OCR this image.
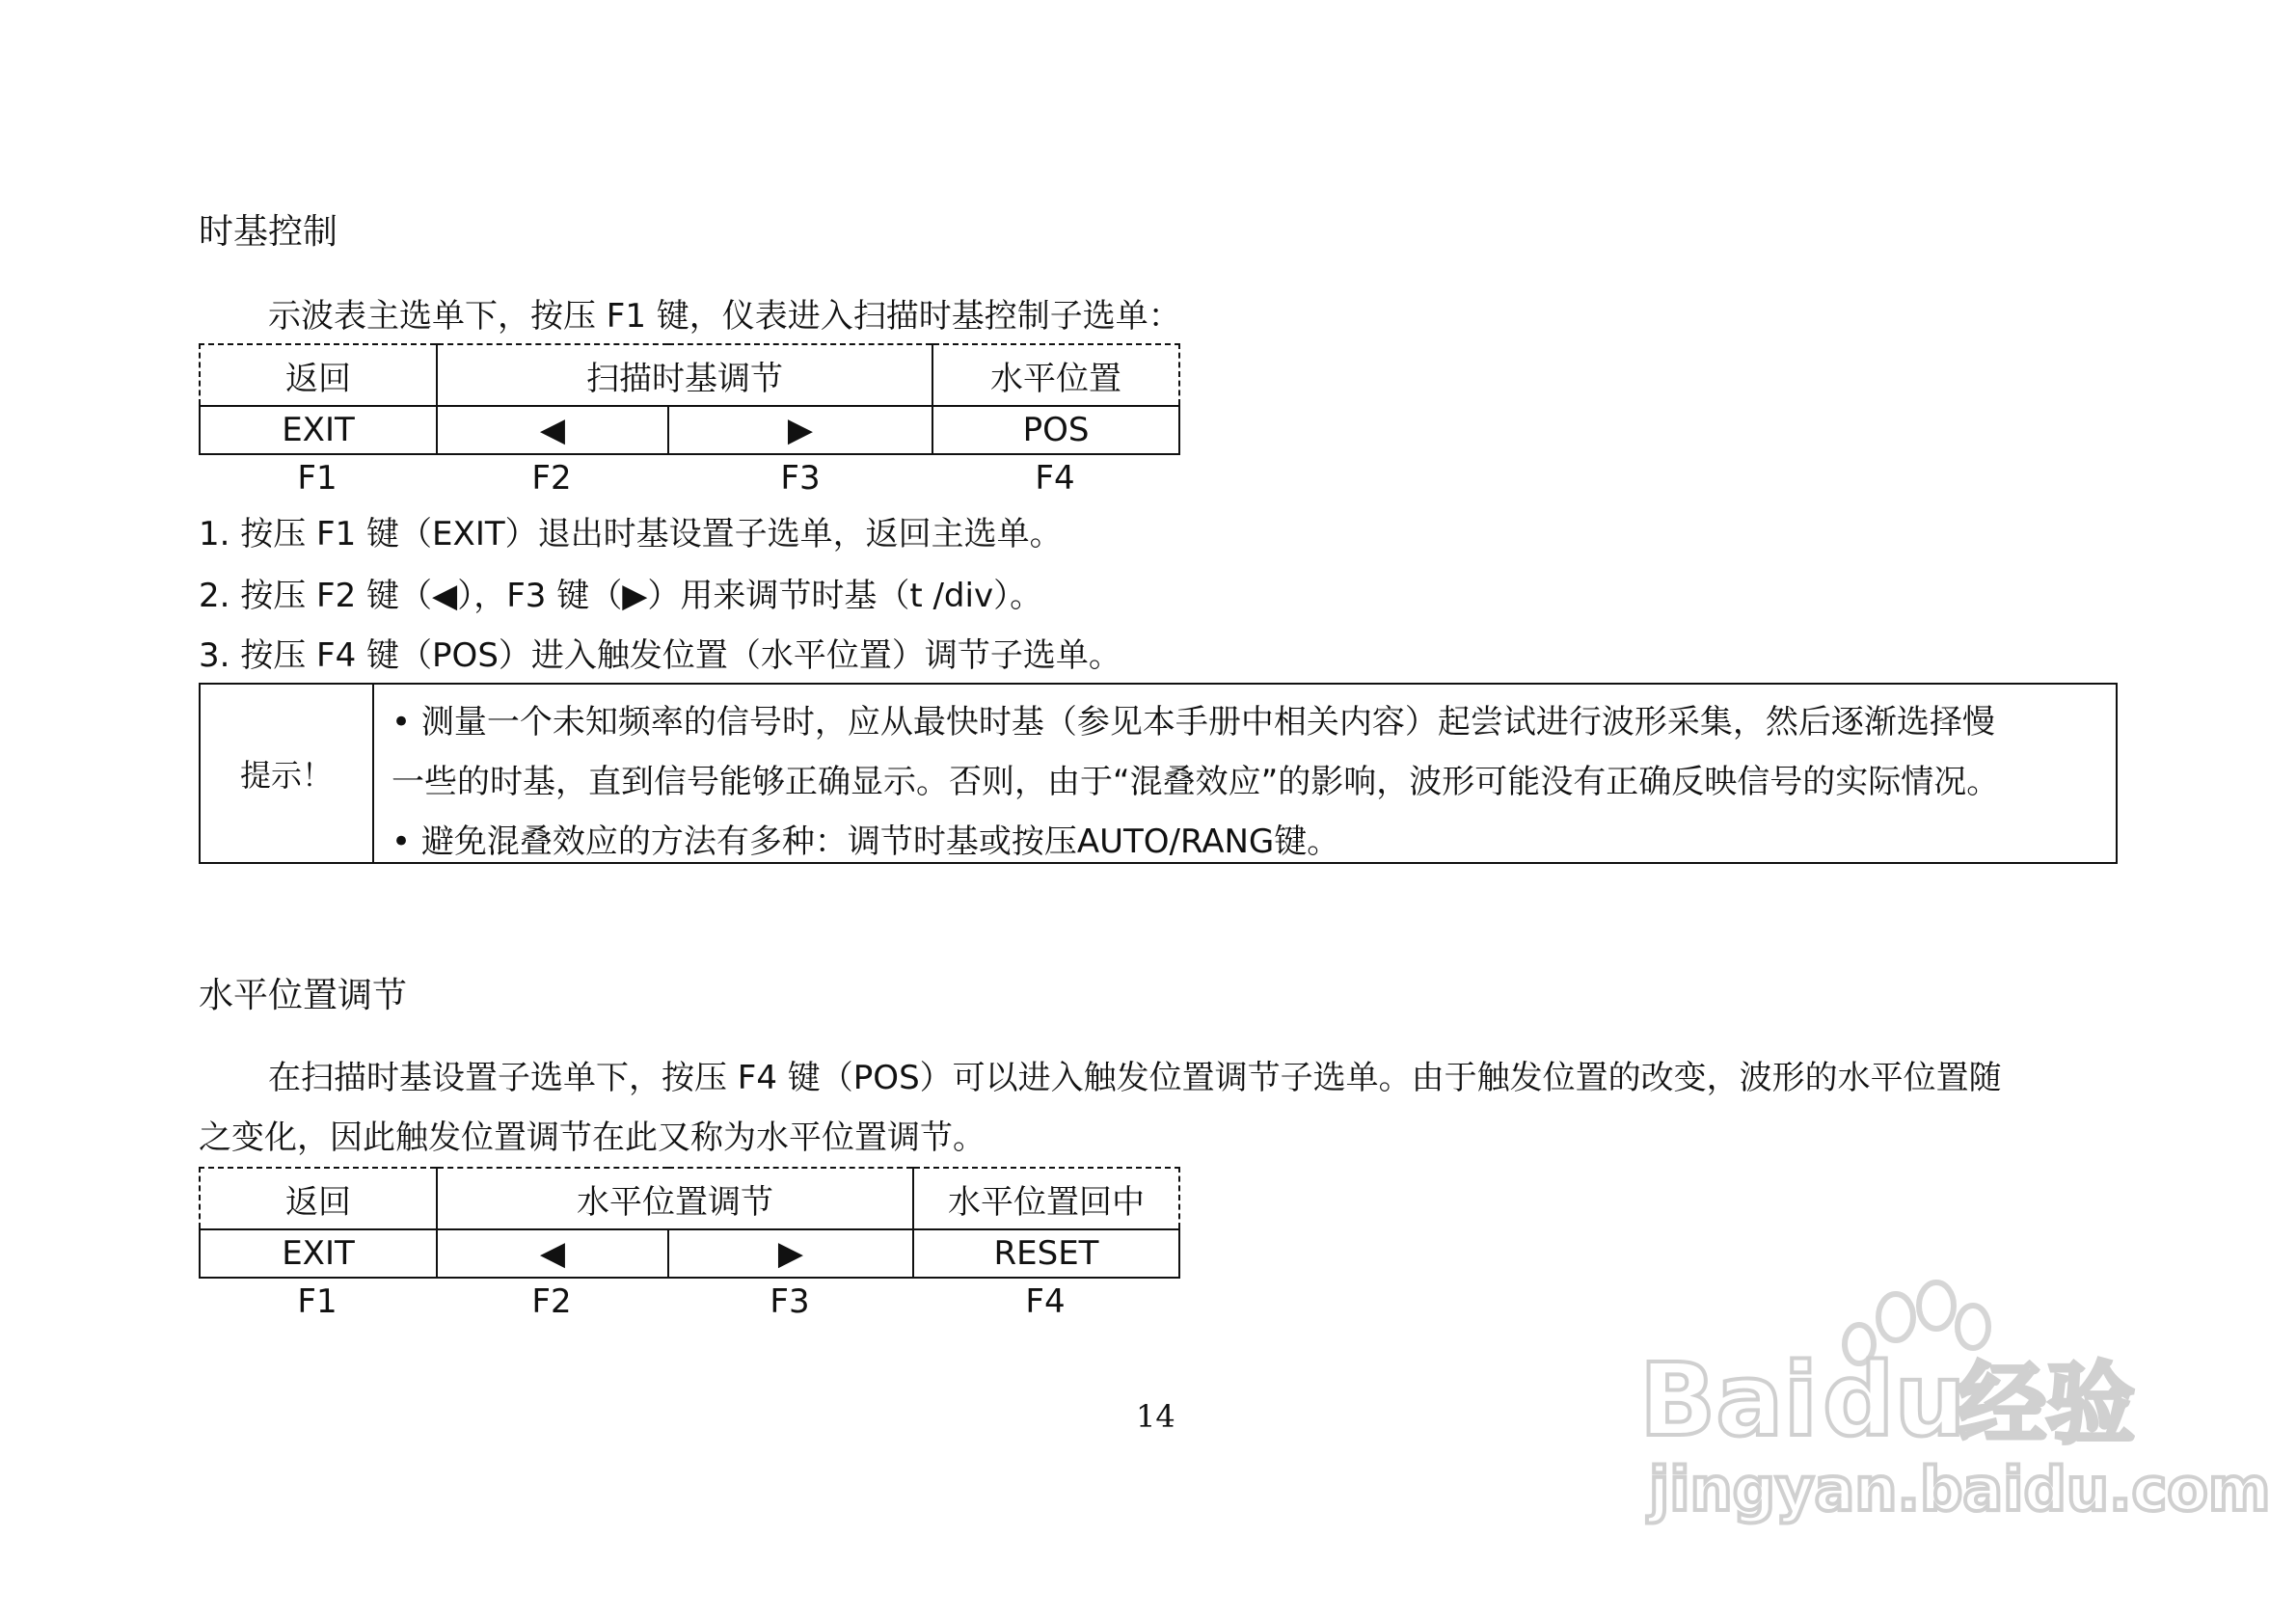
时基控制
示波表主选单下，按压 F1 键，仪表进入扫描时基控制子选单：
返回	扫描时基调节		水平位置
EXIT	◀	▶	POS
F1	F2	F3	F4
1. 按压 F1 键（EXIT）退出时基设置子选单，返回主选单。
2. 按压 F2 键（◀），F3 键（▶）用来调节时基（t /div）。
3. 按压 F4 键（POS）进入触发位置（水平位置）调节子选单。
提示！
• 测量一个未知频率的信号时，应从最快时基（参见本手册中相关内容）起尝试进行波形采集，然后逐渐选择慢
一些的时基，直到信号能够正确显示。否则，由于“混叠效应”的影响，波形可能没有正确反映信号的实际情况。
• 避免混叠效应的方法有多种：调节时基或按压AUTO/RANG键。
水平位置调节
在扫描时基设置子选单下，按压 F4 键（POS）可以进入触发位置调节子选单。由于触发位置的改变，波形的水平位置随
之变化，因此触发位置调节在此又称为水平位置调节。
返回	水平位置调节		水平位置回中
EXIT	◀	▶	RESET
F1	F2	F3	F4
14	Bai du
经验
jingyan.baidu.com
